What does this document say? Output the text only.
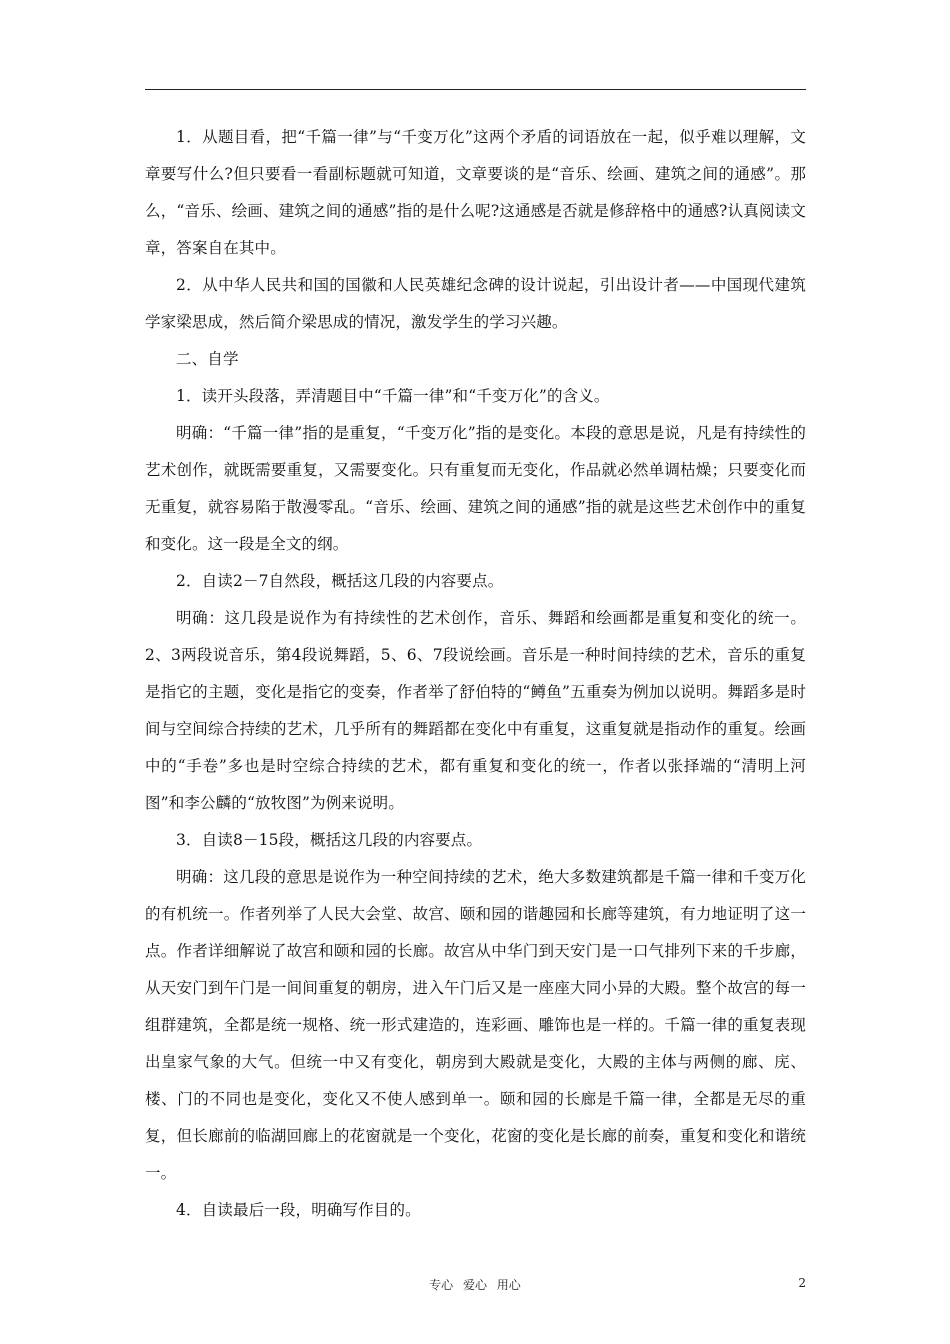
1．从题目看，把“千篇一律”与“千变万化”这两个矛盾的词语放在一起，似乎难以理解，文章要写什么?但只要看一看副标题就可知道，文章要谈的是“音乐、绘画、建筑之间的通感”。那么，“音乐、绘画、建筑之间的通感”指的是什么呢?这通感是否就是修辞格中的通感?认真阅读文章，答案自在其中。

2．从中华人民共和国的国徽和人民英雄纪念碑的设计说起，引出设计者——中国现代建筑学家梁思成，然后简介梁思成的情况，激发学生的学习兴趣。

二、自学

1．读开头段落，弄清题目中“千篇一律”和“千变万化”的含义。

明确：“千篇一律”指的是重复，“千变万化”指的是变化。本段的意思是说，凡是有持续性的艺术创作，就既需要重复，又需要变化。只有重复而无变化，作品就必然单调枯燥；只要变化而无重复，就容易陷于散漫零乱。“音乐、绘画、建筑之间的通感”指的就是这些艺术创作中的重复和变化。这一段是全文的纲。

2．自读2－7自然段，概括这几段的内容要点。

明确：这几段是说作为有持续性的艺术创作，音乐、舞蹈和绘画都是重复和变化的统一。2、3两段说音乐，第4段说舞蹈，5、6、7段说绘画。音乐是一种时间持续的艺术，音乐的重复是指它的主题，变化是指它的变奏，作者举了舒伯特的“鳟鱼”五重奏为例加以说明。舞蹈多是时间与空间综合持续的艺术，几乎所有的舞蹈都在变化中有重复，这重复就是指动作的重复。绘画中的“手卷”多也是时空综合持续的艺术，都有重复和变化的统一，作者以张择端的“清明上河图”和李公麟的“放牧图”为例来说明。

3．自读8－15段，概括这几段的内容要点。

明确：这几段的意思是说作为一种空间持续的艺术，绝大多数建筑都是千篇一律和千变万化的有机统一。作者列举了人民大会堂、故宫、颐和园的谐趣园和长廊等建筑，有力地证明了这一点。作者详细解说了故宫和颐和园的长廊。故宫从中华门到天安门是一口气排列下来的千步廊，从天安门到午门是一间间重复的朝房，进入午门后又是一座座大同小异的大殿。整个故宫的每一组群建筑，全都是统一规格、统一形式建造的，连彩画、雕饰也是一样的。千篇一律的重复表现出皇家气象的大气。但统一中又有变化，朝房到大殿就是变化，大殿的主体与两侧的廊、庑、楼、门的不同也是变化，变化又不使人感到单一。颐和园的长廊是千篇一律，全都是无尽的重复，但长廊前的临湖回廊上的花窗就是一个变化，花窗的变化是长廊的前奏，重复和变化和谐统一。

4．自读最后一段，明确写作目的。

专心 爱心 用心	2
